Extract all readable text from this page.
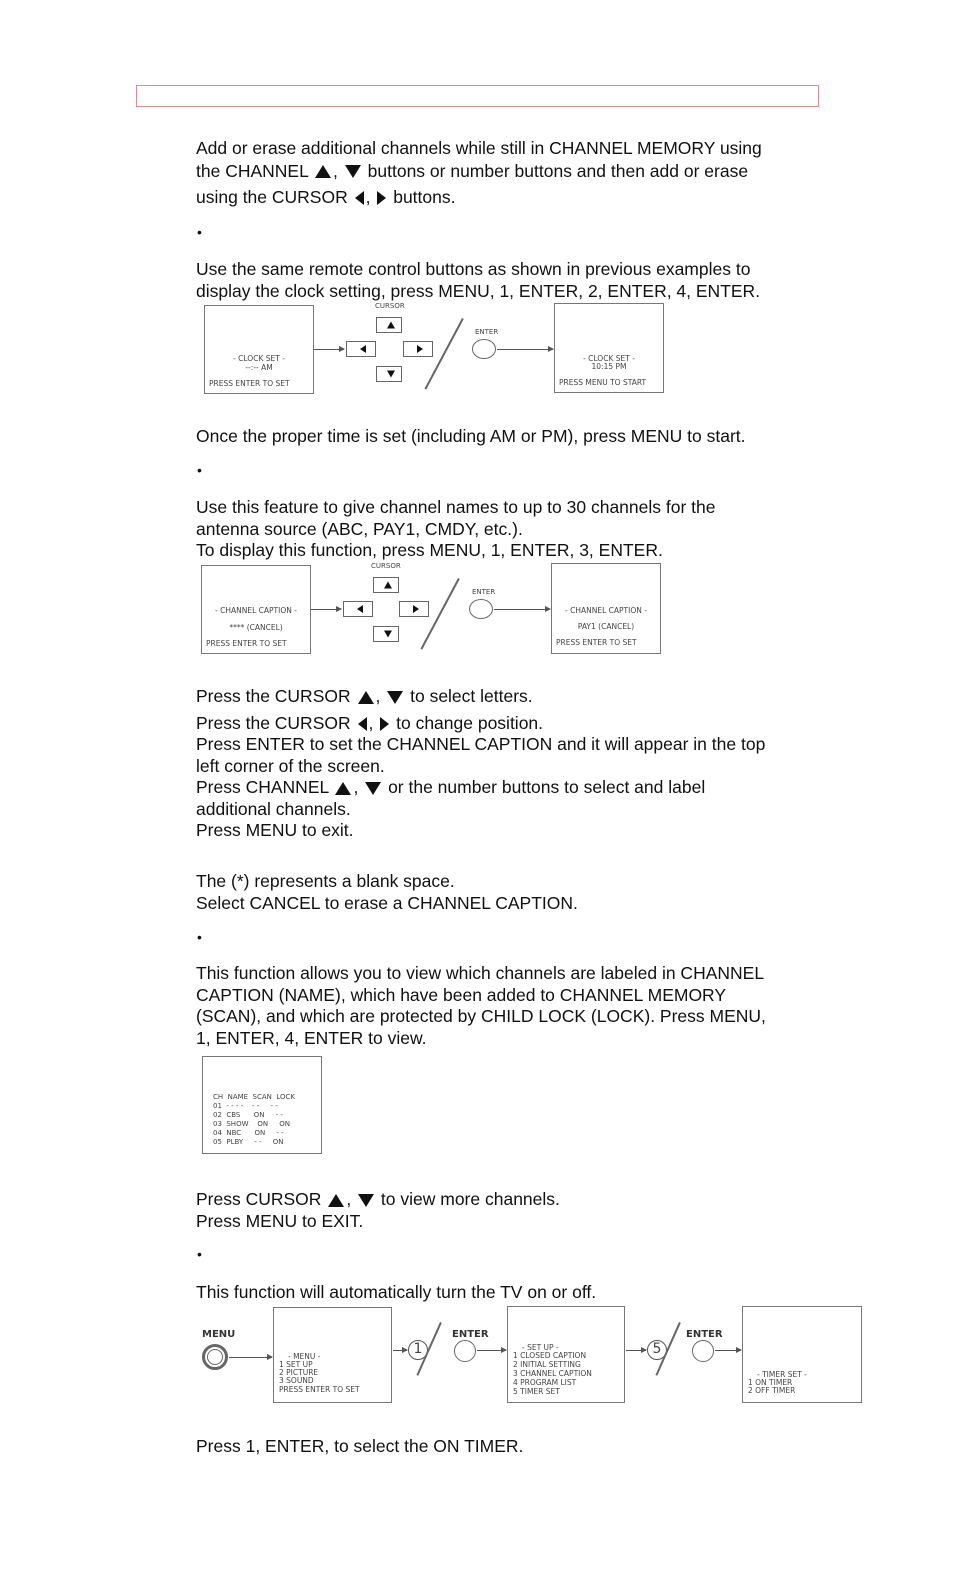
Add or erase additional channels while still in CHANNEL MEMORY using
the CHANNEL ,  buttons or number buttons and then add or erase
using the CURSOR ,  buttons.
•
Use the same remote control buttons as shown in previous examples to
display the clock setting, press MENU, 1, ENTER, 2, ENTER, 4, ENTER.
- CLOCK SET -
--:-- AM
PRESS ENTER TO SET
CURSOR
ENTER
- CLOCK SET -
10:15 PM
PRESS MENU TO START
Once the proper time is set (including AM or PM), press MENU to start.
•
Use this feature to give channel names to up to 30 channels for the
antenna source (ABC, PAY1, CMDY, etc.).
To display this function, press MENU, 1, ENTER, 3, ENTER.
- CHANNEL CAPTION -
**** (CANCEL)
PRESS ENTER TO SET
CURSOR
ENTER
- CHANNEL CAPTION -
PAY1 (CANCEL)
PRESS ENTER TO SET
Press the CURSOR ,  to select letters.
Press the CURSOR ,  to change position.
Press ENTER to set the CHANNEL CAPTION and it will appear in the top
left corner of the screen.
Press CHANNEL ,  or the number buttons to select and label
additional channels.
Press MENU to exit.
The (*) represents a blank space.
Select CANCEL to erase a CHANNEL CAPTION.
•
This function allows you to view which channels are labeled in CHANNEL
CAPTION (NAME), which have been added to CHANNEL MEMORY
(SCAN), and which are protected by CHILD LOCK (LOCK). Press MENU,
1, ENTER, 4, ENTER to view.
CH  NAME  SCAN  LOCK
01  - - - -    - -     - -
02  CBS      ON     - -
03  SHOW    ON     ON
04  NBC      ON     - -
05  PLBY     - -     ON
Press CURSOR ,  to view more channels.
Press MENU to EXIT.
•
This function will automatically turn the TV on or off.
MENU
- MENU -
1 SET UP
2 PICTURE
3 SOUND
PRESS ENTER TO SET
1
ENTER
- SET UP -
1 CLOSED CAPTION
2 INITIAL SETTING
3 CHANNEL CAPTION
4 PROGRAM LIST
5 TIMER SET
5
ENTER
- TIMER SET -
1 ON TIMER
2 OFF TIMER
Press 1, ENTER, to select the ON TIMER.
